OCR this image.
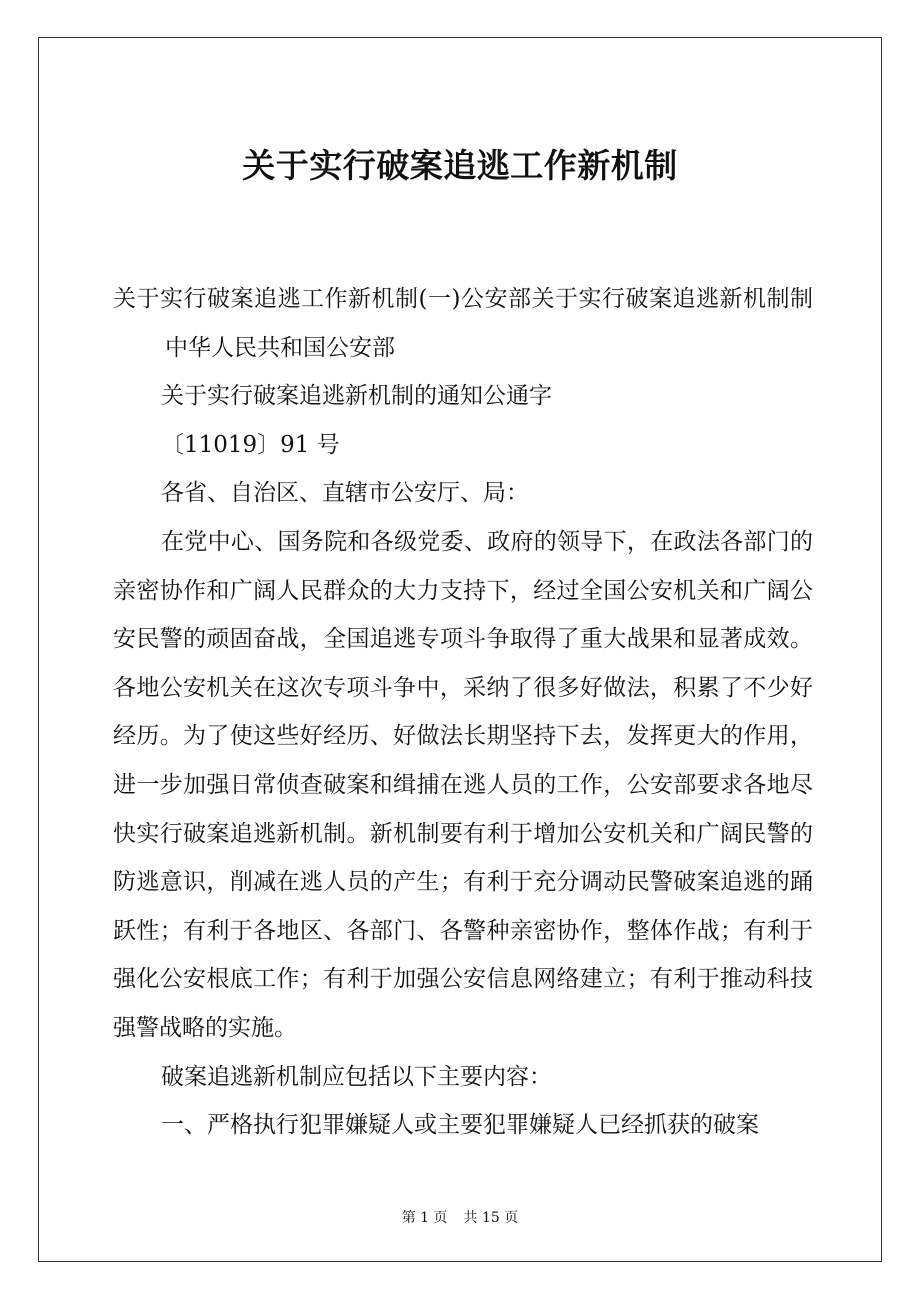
关于实行破案追逃工作新机制

关于实行破案追逃工作新机制(一)公安部关于实行破案追逃新机制制中华人民共和国公安部

关于实行破案追逃新机制的通知公通字

〔11019〕91 号

各省、自治区、直辖市公安厅、局：

在党中心、国务院和各级党委、政府的领导下，在政法各部门的亲密协作和广阔人民群众的大力支持下，经过全国公安机关和广阔公安民警的顽固奋战，全国追逃专项斗争取得了重大战果和显著成效。各地公安机关在这次专项斗争中，采纳了很多好做法，积累了不少好经历。为了使这些好经历、好做法长期坚持下去，发挥更大的作用，进一步加强日常侦查破案和缉捕在逃人员的工作，公安部要求各地尽快实行破案追逃新机制。新机制要有利于增加公安机关和广阔民警的防逃意识，削减在逃人员的产生；有利于充分调动民警破案追逃的踊跃性；有利于各地区、各部门、各警种亲密协作，整体作战；有利于强化公安根底工作；有利于加强公安信息网络建立；有利于推动科技强警战略的实施。

破案追逃新机制应包括以下主要内容：

一、严格执行犯罪嫌疑人或主要犯罪嫌疑人已经抓获的破案

第 1 页 共 15 页
